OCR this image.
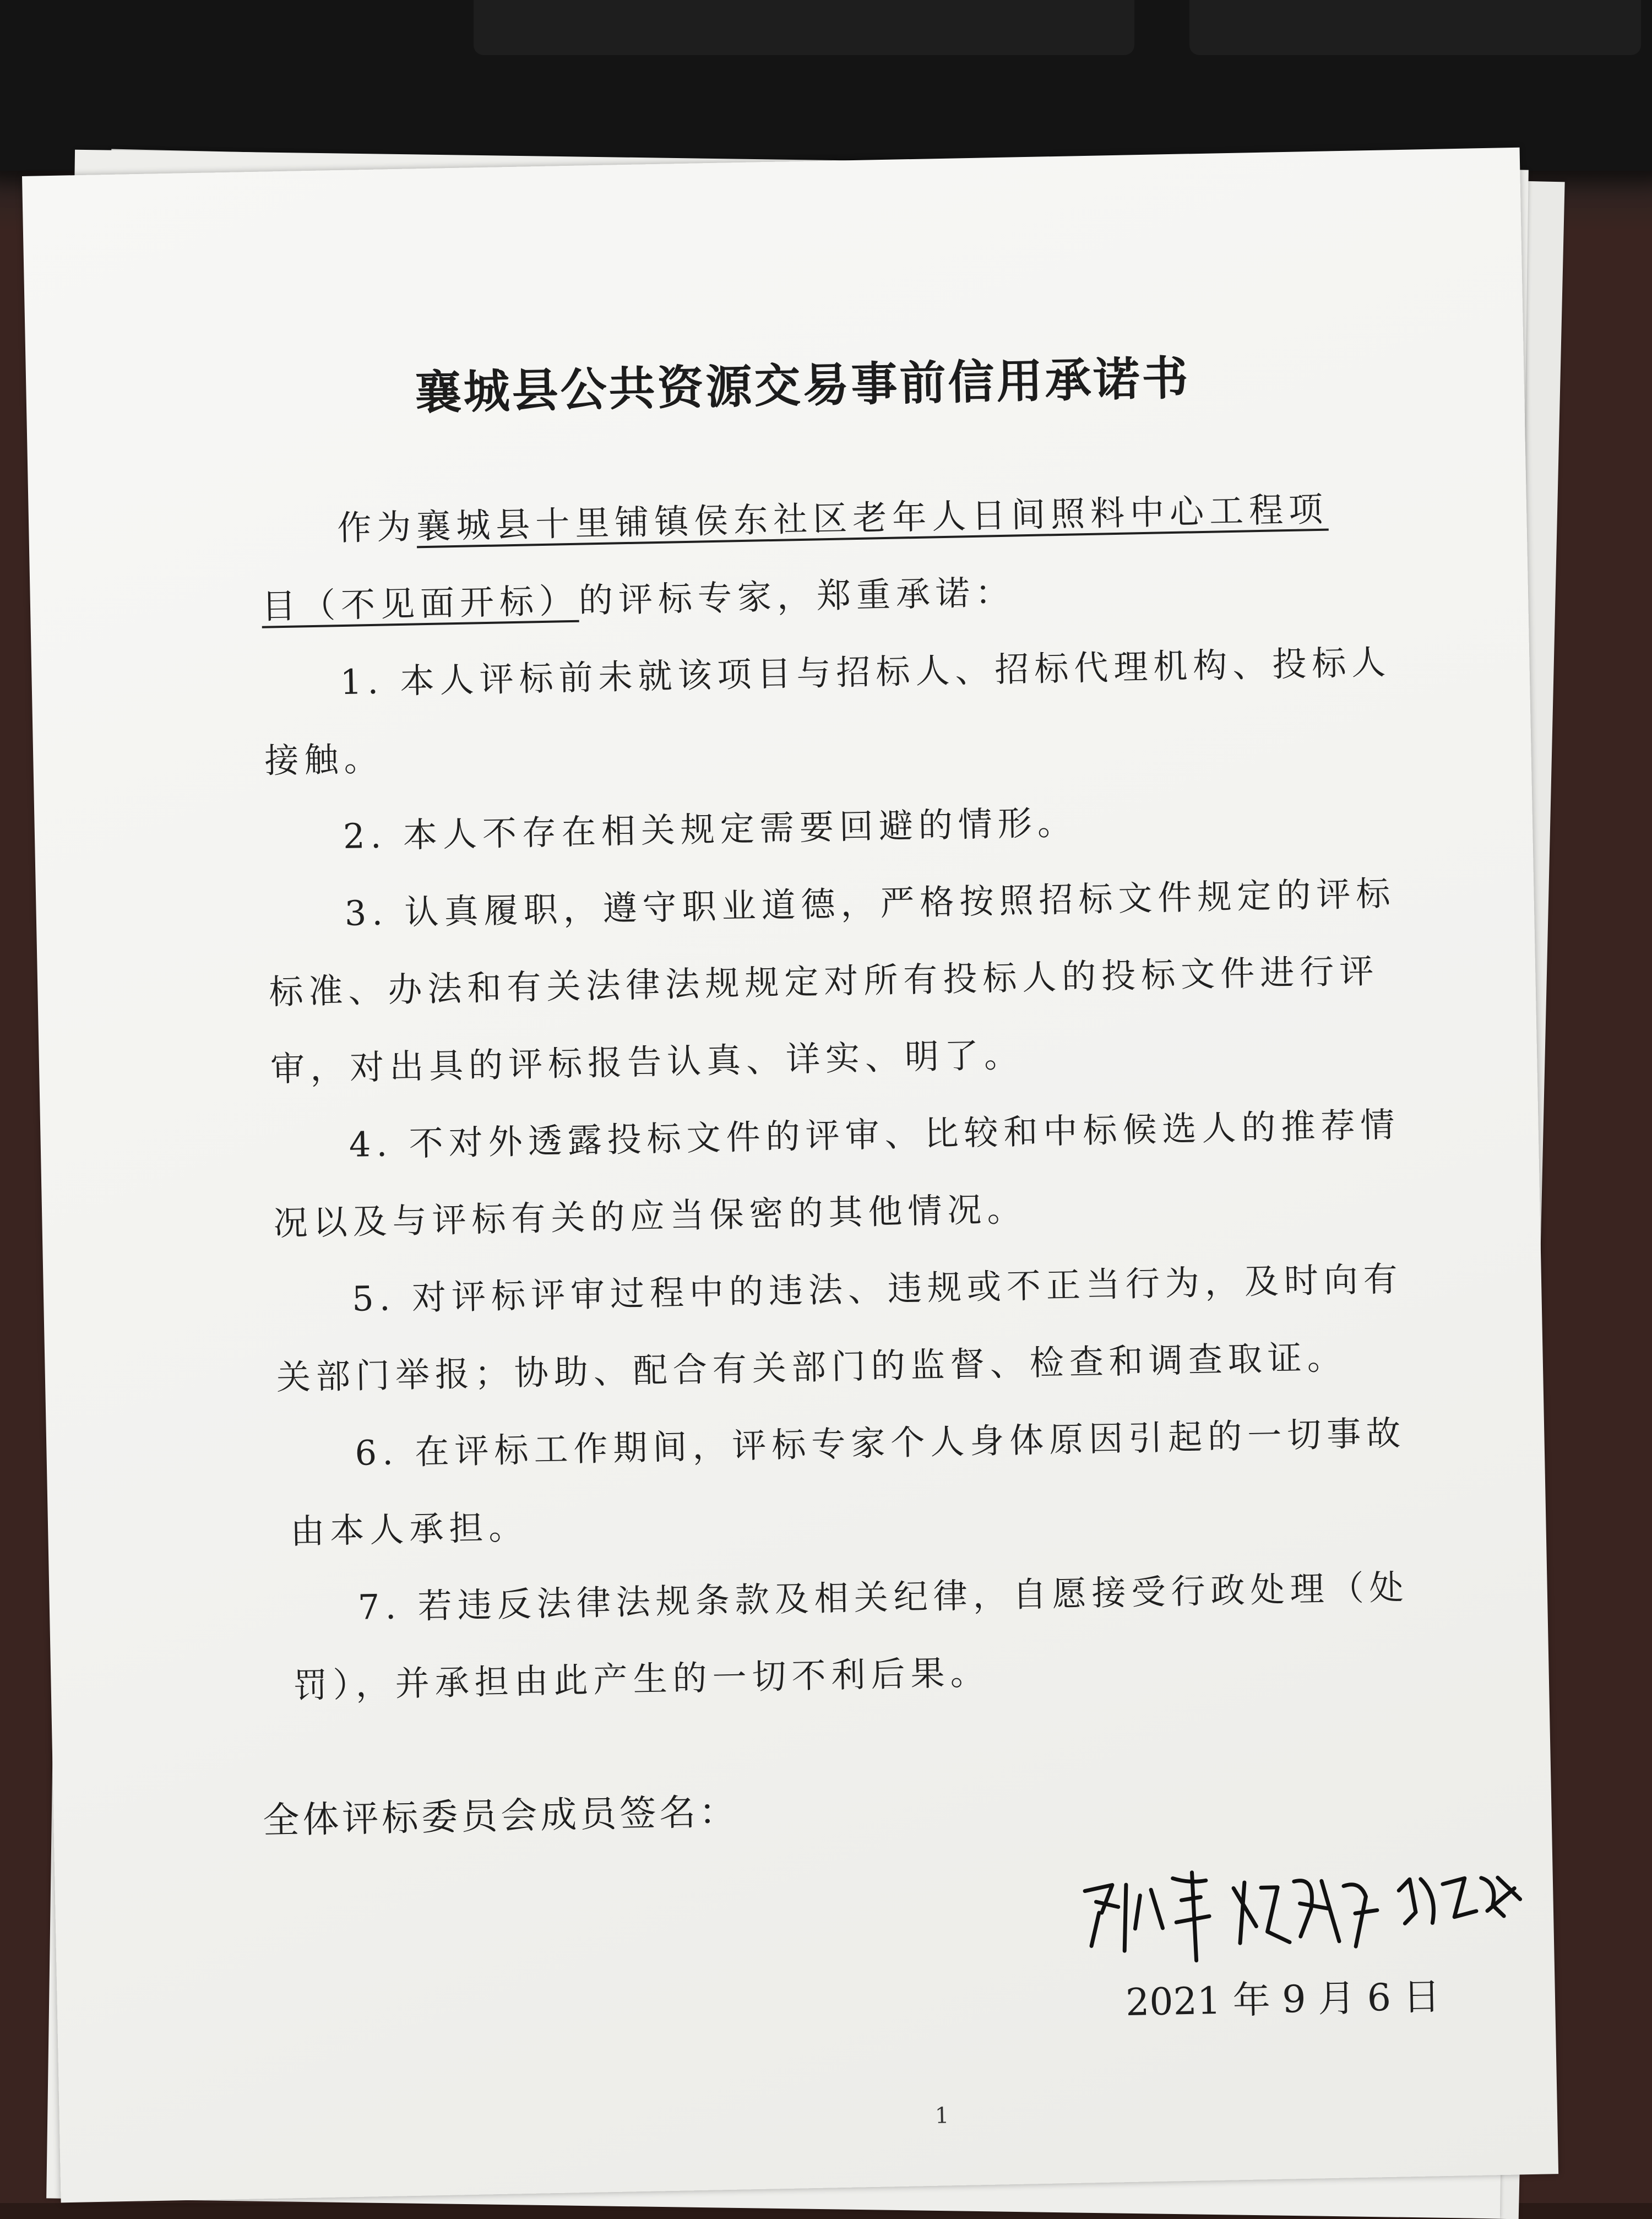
襄城县公共资源交易事前信用承诺书
作为襄城县十里铺镇侯东社区老年人日间照料中心工程项
目（不见面开标）的评标专家，郑重承诺：
1. 本人评标前未就该项目与招标人、招标代理机构、投标人
接触。
2. 本人不存在相关规定需要回避的情形。
3. 认真履职，遵守职业道德，严格按照招标文件规定的评标
标准、办法和有关法律法规规定对所有投标人的投标文件进行评
审，对出具的评标报告认真、详实、明了。
4. 不对外透露投标文件的评审、比较和中标候选人的推荐情
况以及与评标有关的应当保密的其他情况。
5. 对评标评审过程中的违法、违规或不正当行为，及时向有
关部门举报；协助、配合有关部门的监督、检查和调查取证。
6. 在评标工作期间，评标专家个人身体原因引起的一切事故
由本人承担。
7. 若违反法律法规条款及相关纪律，自愿接受行政处理（处
罚），并承担由此产生的一切不利后果。
全体评标委员会成员签名：
2021 年 9 月 6 日
1
